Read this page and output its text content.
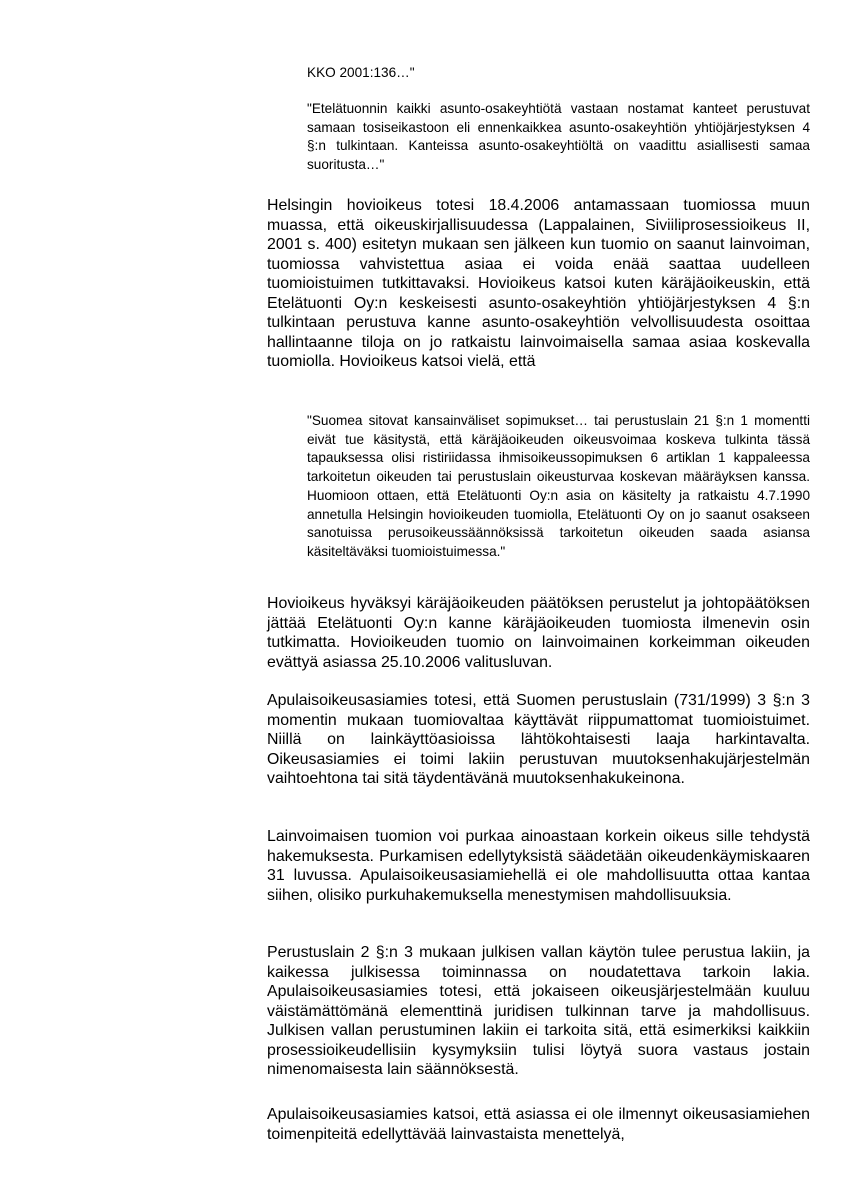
KKO 2001:136…"
"Etelätuonnin kaikki asunto-osakeyhtiötä vastaan nostamat kanteet perustuvat samaan tosiseikastoon eli ennenkaikkea asunto-osakeyhtiön yhtiöjärjestyksen 4 §:n tulkintaan. Kanteissa asunto-osakeyhtiöltä on vaadittu asiallisesti samaa suoritusta…"
Helsingin hovioikeus totesi 18.4.2006 antamassaan tuomiossa muun muassa, että oikeuskirjallisuudessa (Lappalainen, Siviiliprosessioikeus II, 2001 s. 400) esitetyn mukaan sen jälkeen kun tuomio on saanut lainvoiman, tuomiossa vahvistettua asiaa ei voida enää saattaa uudelleen tuomioistuimen tutkittavaksi. Hovioikeus katsoi kuten käräjäoikeuskin, että Etelätuonti Oy:n keskeisesti asunto-osakeyhtiön yhtiöjärjestyksen 4 §:n tulkintaan perustuva kanne asunto-osakeyhtiön velvollisuudesta osoittaa hallintaanne tiloja on jo ratkaistu lainvoimaisella samaa asiaa koskevalla tuomiolla. Hovioikeus katsoi vielä, että
"Suomea sitovat kansainväliset sopimukset… tai perustuslain 21 §:n 1 momentti eivät tue käsitystä, että käräjäoikeuden oikeusvoimaa koskeva tulkinta tässä tapauksessa olisi ristiriidassa ihmisoikeussopimuksen 6 artiklan 1 kappaleessa tarkoitetun oikeuden tai perustuslain oikeusturvaa koskevan määräyksen kanssa. Huomioon ottaen, että Etelätuonti Oy:n asia on käsitelty ja ratkaistu 4.7.1990 annetulla Helsingin hovioikeuden tuomiolla, Etelätuonti Oy on jo saanut osakseen sanotuissa perusoikeussäännöksissä tarkoitetun oikeuden saada asiansa käsiteltäväksi tuomioistuimessa."
Hovioikeus hyväksyi käräjäoikeuden päätöksen perustelut ja johtopäätöksen jättää Etelätuonti Oy:n kanne käräjäoikeuden tuomiosta ilmenevin osin tutkimatta. Hovioikeuden tuomio on lainvoimainen korkeimman oikeuden evättyä asiassa 25.10.2006 valitusluvan.
Apulaisoikeusasiamies totesi, että Suomen perustuslain (731/1999) 3 §:n 3 momentin mukaan tuomiovaltaa käyttävät riippumattomat tuomioistuimet. Niillä on lainkäyttöasioissa lähtökohtaisesti laaja harkintavalta. Oikeusasiamies ei toimi lakiin perustuvan muutoksenhakujärjestelmän vaihtoehtona tai sitä täydentävänä muutoksenhakukeinona.
Lainvoimaisen tuomion voi purkaa ainoastaan korkein oikeus sille tehdystä hakemuksesta. Purkamisen edellytyksistä säädetään oikeudenkäymiskaaren 31 luvussa. Apulaisoikeusasiamiehellä ei ole mahdollisuutta ottaa kantaa siihen, olisiko purkuhakemuksella menestymisen mahdollisuuksia.
Perustuslain 2 §:n 3 mukaan julkisen vallan käytön tulee perustua lakiin, ja kaikessa julkisessa toiminnassa on noudatettava tarkoin lakia. Apulaisoikeusasiamies totesi, että jokaiseen oikeusjärjestelmään kuuluu väistämättömänä elementtinä juridisen tulkinnan tarve ja mahdollisuus. Julkisen vallan perustuminen lakiin ei tarkoita sitä, että esimerkiksi kaikkiin prosessioikeudellisiin kysymyksiin tulisi löytyä suora vastaus jostain nimenomaisesta lain säännöksestä.
Apulaisoikeusasiamies katsoi, että asiassa ei ole ilmennyt oikeusasiamiehen toimenpiteitä edellyttävää lainvastaista menettelyä,
